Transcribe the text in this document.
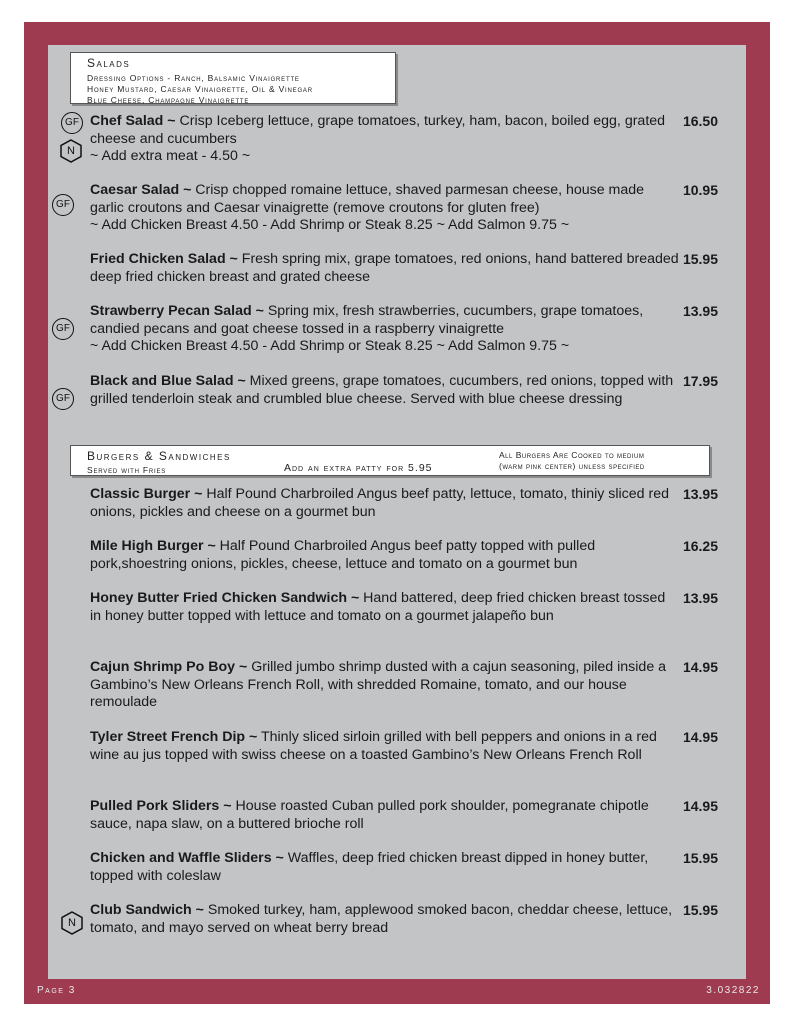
Salads
Dressing Options - Ranch, Balsamic Vinaigrette
Honey Mustard, Caesar Vinaigrette, Oil & Vinegar
Blue Cheese, Champagne Vinaigrette
Chef Salad ~ Crisp Iceberg lettuce, grape tomatoes, turkey, ham, bacon, boiled egg, grated cheese and cucumbers
~ Add extra meat - 4.50 ~
16.50
Caesar Salad ~ Crisp chopped romaine lettuce, shaved parmesan cheese, house made garlic croutons and Caesar vinaigrette (remove croutons for gluten free)
~ Add Chicken Breast 4.50 - Add Shrimp or Steak 8.25 ~ Add Salmon 9.75 ~
10.95
Fried Chicken Salad ~ Fresh spring mix, grape tomatoes, red onions, hand battered breaded deep fried chicken breast and grated cheese
15.95
Strawberry Pecan Salad ~ Spring mix, fresh strawberries, cucumbers, grape tomatoes, candied pecans and goat cheese tossed in a raspberry vinaigrette
~ Add Chicken Breast 4.50 - Add Shrimp or Steak 8.25 ~ Add Salmon 9.75 ~
13.95
Black and Blue Salad ~ Mixed greens, grape tomatoes, cucumbers, red onions, topped with grilled tenderloin steak and crumbled blue cheese. Served with blue cheese dressing
17.95
GF
N
GF
GF
GF
Burgers & Sandwiches
Served with Fries	Add an extra patty for 5.95
All Burgers Are Cooked to medium
(warm pink center) unless specified
Classic Burger ~ Half Pound Charbroiled Angus beef patty, lettuce, tomato, thiniy sliced red onions, pickles and cheese on a gourmet bun
13.95
Mile High Burger ~ Half Pound Charbroiled Angus beef patty topped with pulled pork,shoestring onions, pickles, cheese, lettuce and tomato on a gourmet bun
16.25
Honey Butter Fried Chicken Sandwich ~ Hand battered, deep fried chicken breast tossed in honey butter topped with lettuce and tomato on a gourmet jalapeño bun
13.95
Cajun Shrimp Po Boy ~ Grilled jumbo shrimp dusted with a cajun seasoning, piled inside a Gambino’s New Orleans French Roll, with shredded Romaine, tomato, and our house remoulade
14.95
Tyler Street French Dip ~ Thinly sliced sirloin grilled with bell peppers and onions in a red wine au jus topped with swiss cheese on a toasted Gambino’s New Orleans French Roll
14.95
Pulled Pork Sliders ~ House roasted Cuban pulled pork shoulder, pomegranate chipotle sauce, napa slaw, on a buttered brioche roll
14.95
Chicken and Waffle Sliders ~ Waffles, deep fried chicken breast dipped in honey butter, topped with coleslaw
15.95
Club Sandwich ~ Smoked turkey, ham, applewood smoked bacon, cheddar cheese, lettuce, tomato, and mayo served on wheat berry bread
15.95
N
Page 3	3.032822
